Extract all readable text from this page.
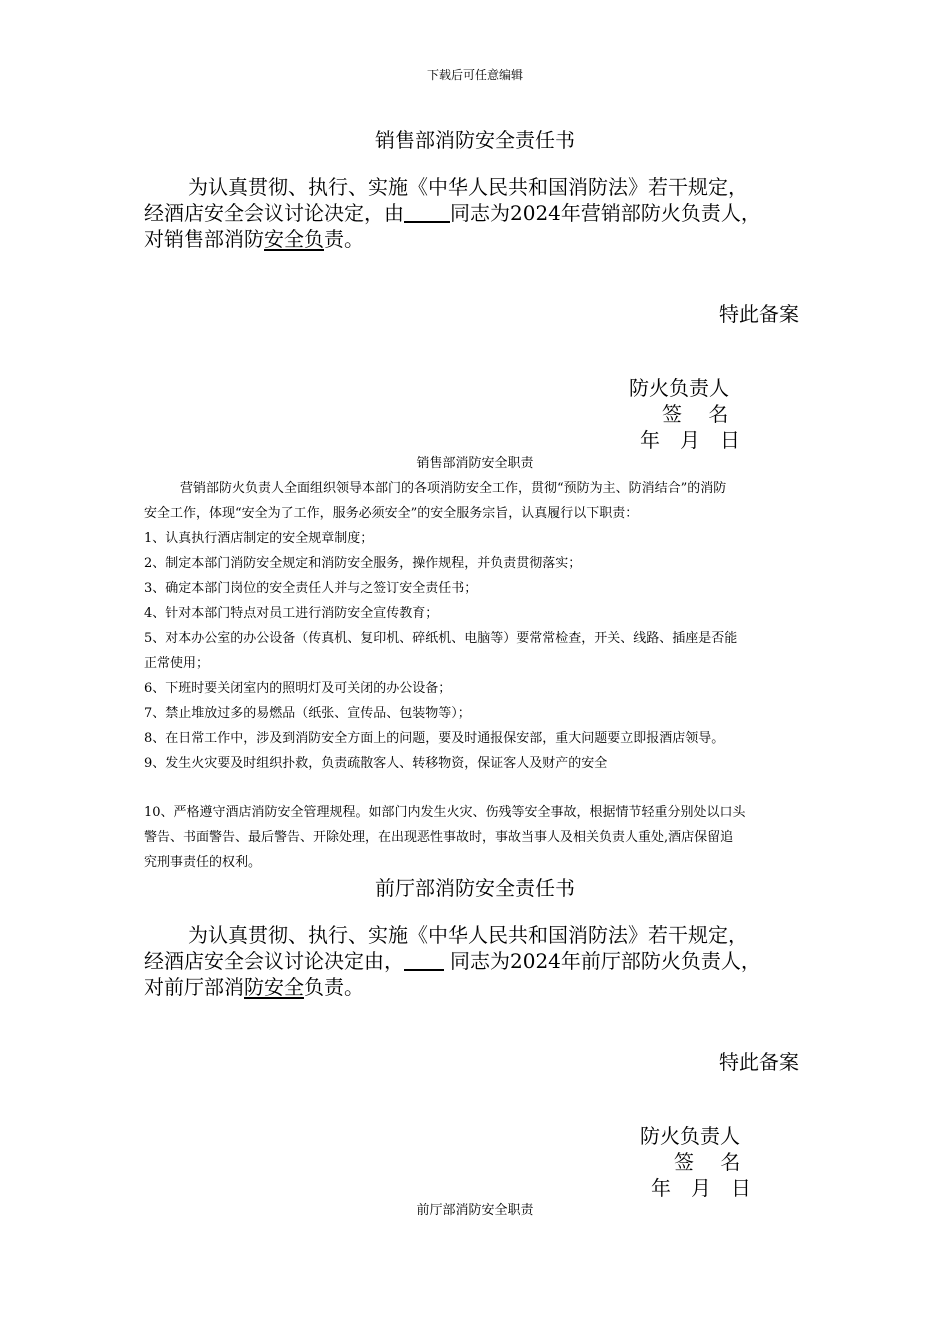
下载后可任意编辑
销售部消防安全责任书
为认真贯彻、执行、实施《中华人民共和国消防法》若干规定，
经酒店安全会议讨论决定，由 同志为2024年营销部防火负责人，
对销售部消防安全负责。
特此备案
防火负责人
签　 名
年　月　日
销售部消防安全职责
营销部防火负责人全面组织领导本部门的各项消防安全工作，贯彻“预防为主、防消结合”的消防
安全工作，体现“安全为了工作，服务必须安全”的安全服务宗旨，认真履行以下职责：
1、认真执行酒店制定的安全规章制度；
2、制定本部门消防安全规定和消防安全服务，操作规程，并负责贯彻落实；
3、确定本部门岗位的安全责任人并与之签订安全责任书；
4、针对本部门特点对员工进行消防安全宣传教育；
5、对本办公室的办公设备（传真机、复印机、碎纸机、电脑等）要常常检查，开关、线路、插座是否能
正常使用；
6、下班时要关闭室内的照明灯及可关闭的办公设备；
7、禁止堆放过多的易燃品（纸张、宣传品、包装物等）；
8、在日常工作中，涉及到消防安全方面上的问题，要及时通报保安部，重大问题要立即报酒店领导。
9、发生火灾要及时组织扑救，负责疏散客人、转移物资，保证客人及财产的安全
10、严格遵守酒店消防安全管理规程。如部门内发生火灾、伤残等安全事故，根据情节轻重分别处以口头
警告、书面警告、最后警告、开除处理，在出现恶性事故时，事故当事人及相关负责人重处,酒店保留追
究刑事责任的权利。
前厅部消防安全责任书
为认真贯彻、执行、实施《中华人民共和国消防法》若干规定，
经酒店安全会议讨论决定由， 同志为2024年前厅部防火负责人，
对前厅部消防安全负责。
特此备案
防火负责人
签　 名
年　月　日
前厅部消防安全职责
